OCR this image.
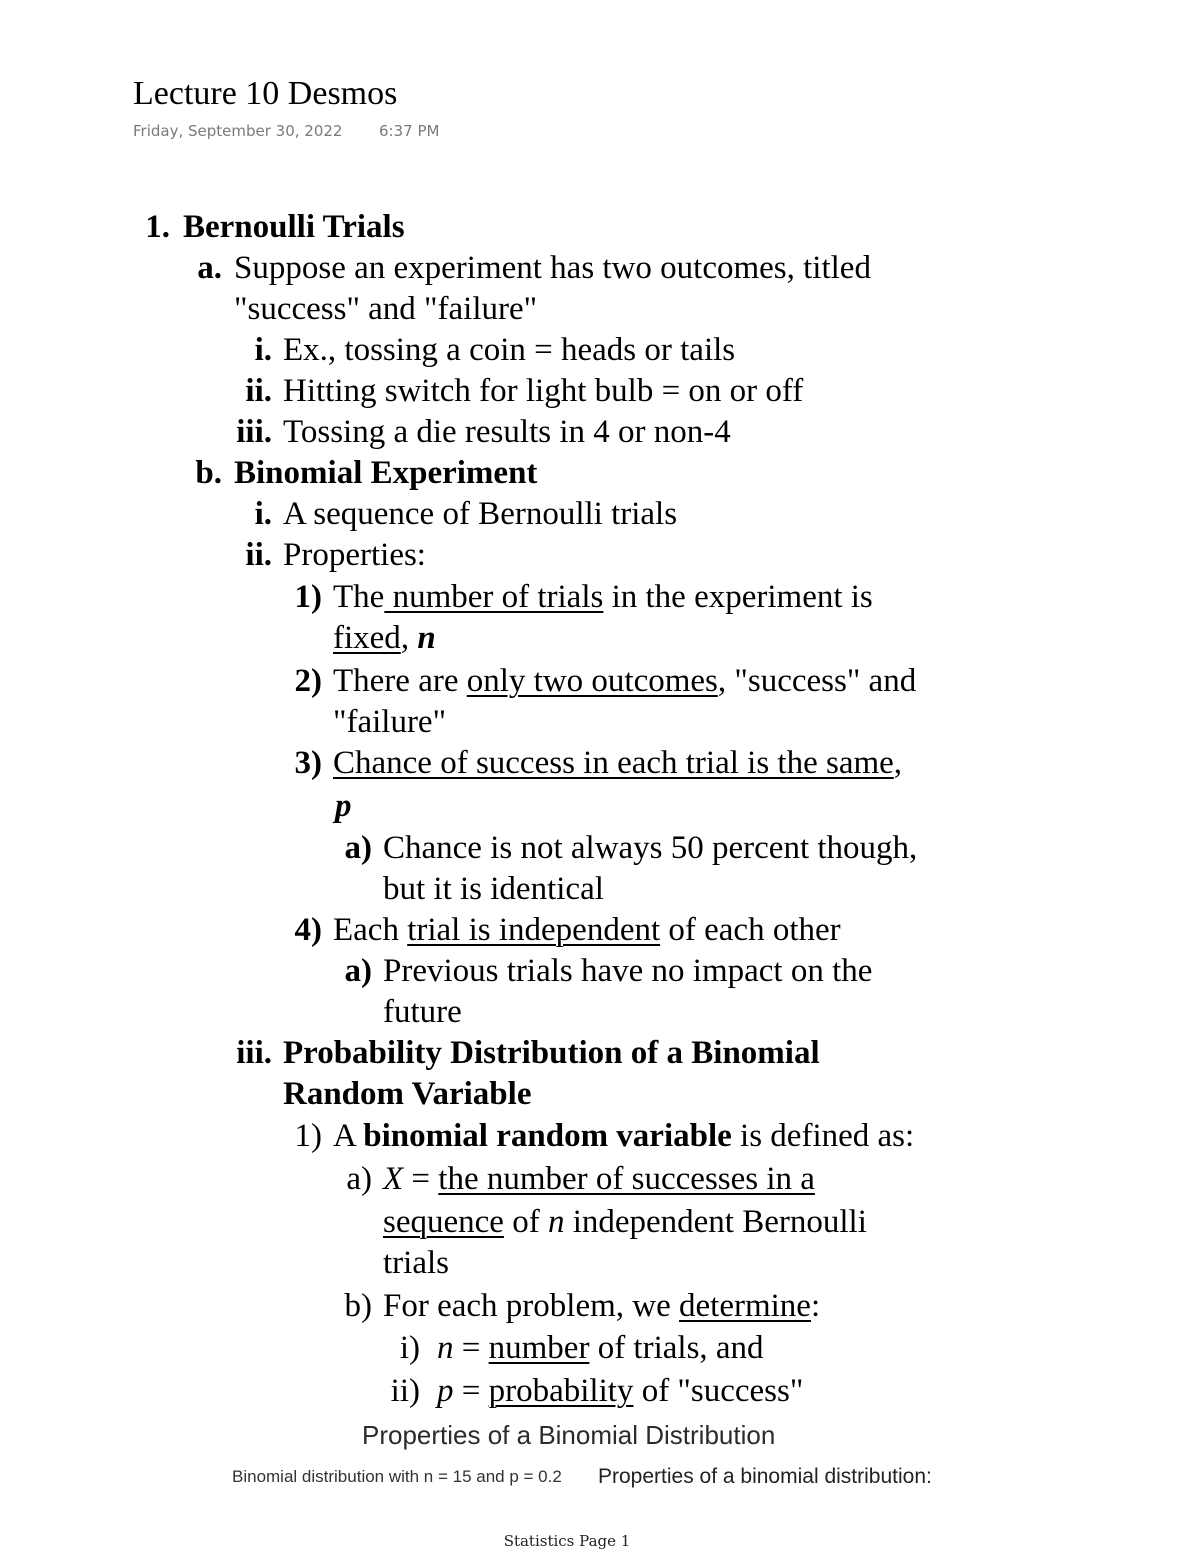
Lecture 10 Desmos
Friday, September 30, 2022 6:37 PM
1. Bernoulli Trials
a. Suppose an experiment has two outcomes, titled
"success" and "failure"
i. Ex., tossing a coin = heads or tails
ii. Hitting switch for light bulb = on or off
iii. Tossing a die results in 4 or non-4
b. Binomial Experiment
i. A sequence of Bernoulli trials
ii. Properties:
1) The number of trials in the experiment is
fixed, n
2) There are only two outcomes, "success" and
"failure"
3) Chance of success in each trial is the same,
p
a) Chance is not always 50 percent though,
but it is identical
4) Each trial is independent of each other
a) Previous trials have no impact on the
future
iii. Probability Distribution of a Binomial
Random Variable
1) A binomial random variable is defined as:
a) X = the number of successes in a
sequence of n independent Bernoulli
trials
b) For each problem, we determine:
i) n = number of trials, and
ii) p = probability of "success"
Properties of a Binomial Distribution
Binomial distribution with n = 15 and p = 0.2 Properties of a binomial distribution:
Statistics Page 1
